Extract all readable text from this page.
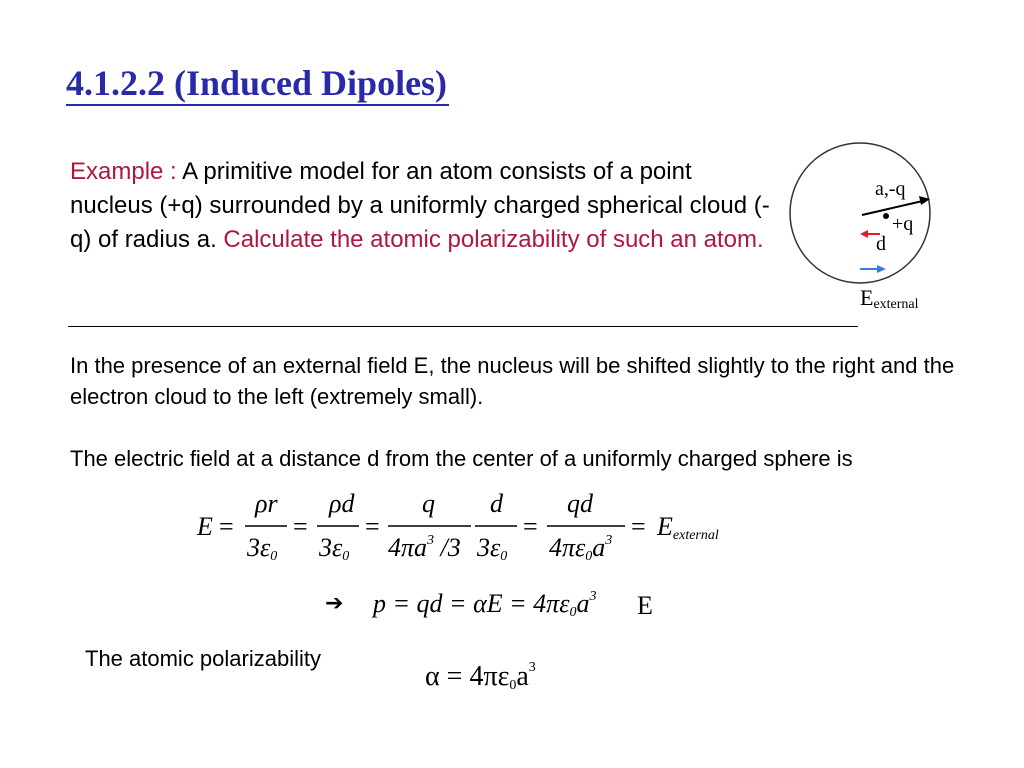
4.1.2.2 (Induced Dipoles)
Example : A primitive model for an atom consists of a point nucleus (+q) surrounded by a uniformly charged spherical cloud (-q) of radius a. Calculate the atomic polarizability of such an atom.
a,-q
+q
d
Eexternal
In the presence of an external field E, the nucleus will be shifted slightly to the right and the electron cloud to the left (extremely small).
The electric field at a distance d from the center of a uniformly charged sphere is
E =
ρr
3ε0
=
ρd
3ε0
=
q
$4\pi a^3$ /3
d
3ε0
=
qd
$4\pi\varepsilon 0a^3$ = Eexternal
➔ p = qd = $\alpha E = 4\pi\varepsilon 0a^3$ E
The atomic polarizability
$\alpha = 4\pi\varepsilon 0a^3$
